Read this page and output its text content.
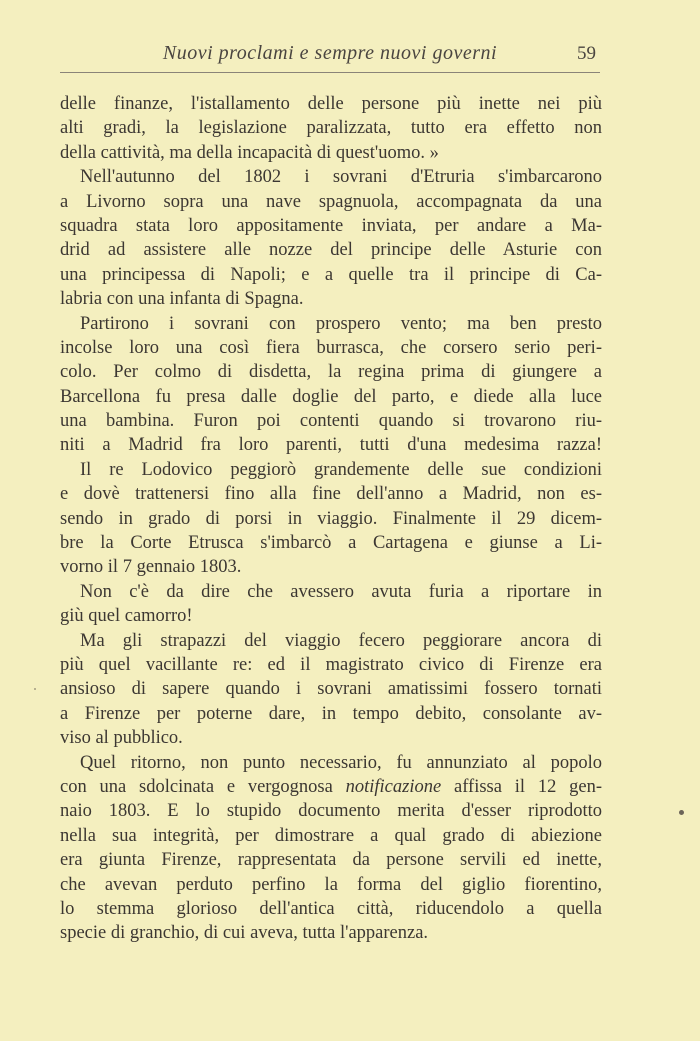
Nuovi proclami e sempre nuovi governi	59
delle finanze, l'istallamento delle persone più inette nei più
alti gradi, la legislazione paralizzata, tutto era effetto non
della cattività, ma della incapacità di quest'uomo. »
Nell'autunno del 1802 i sovrani d'Etruria s'imbarcarono
a Livorno sopra una nave spagnuola, accompagnata da una
squadra stata loro appositamente inviata, per andare a Ma-
drid ad assistere alle nozze del principe delle Asturie con
una principessa di Napoli; e a quelle tra il principe di Ca-
labria con una infanta di Spagna.
Partirono i sovrani con prospero vento; ma ben presto
incolse loro una così fiera burrasca, che corsero serio peri-
colo. Per colmo di disdetta, la regina prima di giungere a
Barcellona fu presa dalle doglie del parto, e diede alla luce
una bambina. Furon poi contenti quando si trovarono riu-
niti a Madrid fra loro parenti, tutti d'una medesima razza!
Il re Lodovico peggiorò grandemente delle sue condizioni
e dovè trattenersi fino alla fine dell'anno a Madrid, non es-
sendo in grado di porsi in viaggio. Finalmente il 29 dicem-
bre la Corte Etrusca s'imbarcò a Cartagena e giunse a Li-
vorno il 7 gennaio 1803.
Non c'è da dire che avessero avuta furia a riportare in
giù quel camorro!
Ma gli strapazzi del viaggio fecero peggiorare ancora di
più quel vacillante re: ed il magistrato civico di Firenze era
ansioso di sapere quando i sovrani amatissimi fossero tornati
a Firenze per poterne dare, in tempo debito, consolante av-
viso al pubblico.
Quel ritorno, non punto necessario, fu annunziato al popolo
con una sdolcinata e vergognosa notificazione affissa il 12 gen-
naio 1803. E lo stupido documento merita d'esser riprodotto
nella sua integrità, per dimostrare a qual grado di abiezione
era giunta Firenze, rappresentata da persone servili ed inette,
che avevan perduto perfino la forma del giglio fiorentino,
lo stemma glorioso dell'antica città, riducendolo a quella
specie di granchio, di cui aveva, tutta l'apparenza.
